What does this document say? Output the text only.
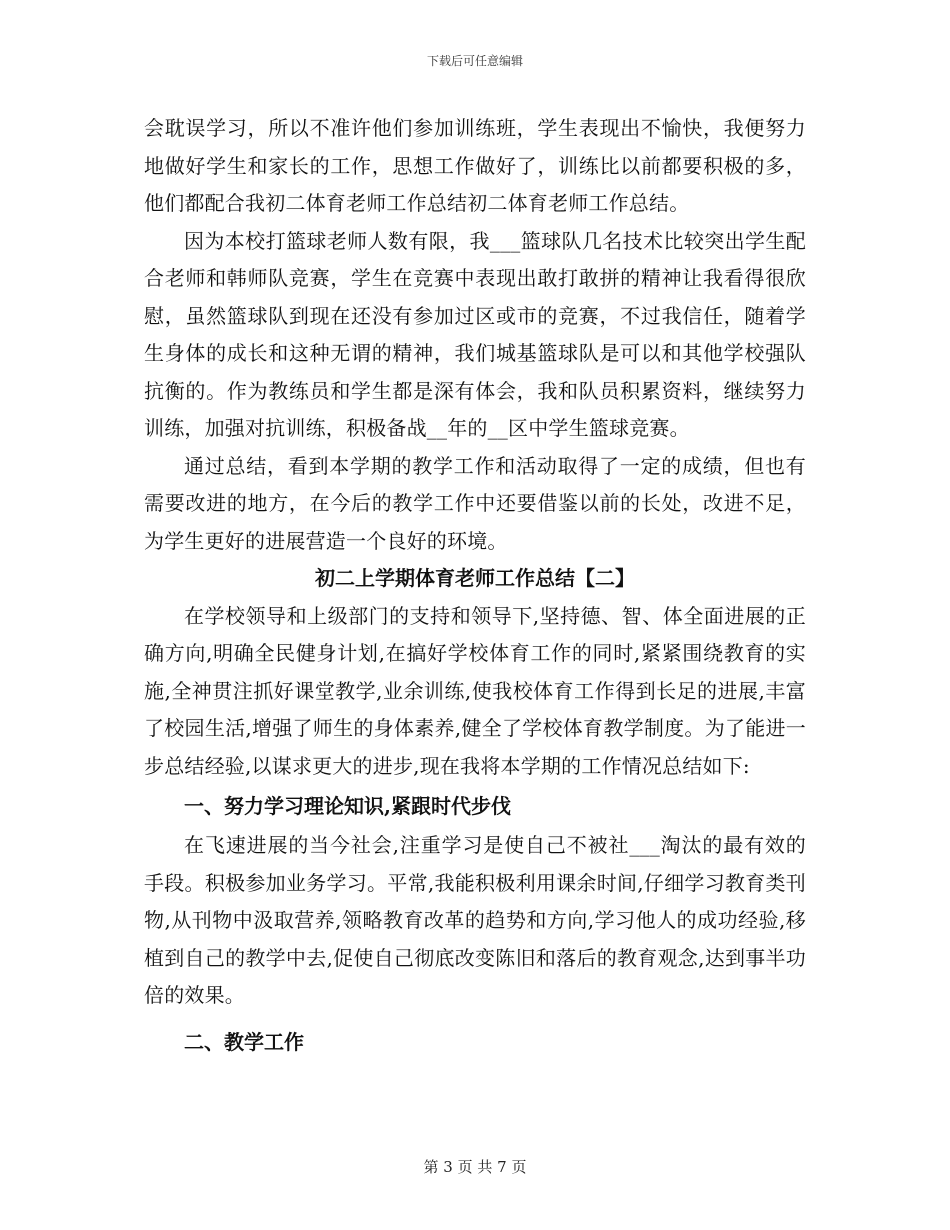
下载后可任意编辑

会耽误学习，所以不准许他们参加训练班，学生表现出不愉快，我便努力地做好学生和家长的工作，思想工作做好了，训练比以前都要积极的多，他们都配合我初二体育老师工作总结初二体育老师工作总结。

因为本校打篮球老师人数有限，我___篮球队几名技术比较突出学生配合老师和韩师队竞赛，学生在竞赛中表现出敢打敢拼的精神让我看得很欣慰，虽然篮球队到现在还没有参加过区或市的竞赛，不过我信任，随着学生身体的成长和这种无谓的精神，我们城基篮球队是可以和其他学校强队抗衡的。作为教练员和学生都是深有体会，我和队员积累资料，继续努力训练，加强对抗训练，积极备战__年的__区中学生篮球竞赛。

通过总结，看到本学期的教学工作和活动取得了一定的成绩，但也有需要改进的地方，在今后的教学工作中还要借鉴以前的长处，改进不足，为学生更好的进展营造一个良好的环境。

初二上学期体育老师工作总结【二】

在学校领导和上级部门的支持和领导下,坚持德、智、体全面进展的正确方向,明确全民健身计划,在搞好学校体育工作的同时,紧紧围绕教育的实施,全神贯注抓好课堂教学,业余训练,使我校体育工作得到长足的进展,丰富了校园生活,增强了师生的身体素养,健全了学校体育教学制度。为了能进一步总结经验,以谋求更大的进步,现在我将本学期的工作情况总结如下:

一、努力学习理论知识,紧跟时代步伐

在飞速进展的当今社会,注重学习是使自己不被社___淘汰的最有效的手段。积极参加业务学习。平常,我能积极利用课余时间,仔细学习教育类刊物,从刊物中汲取营养,领略教育改革的趋势和方向,学习他人的成功经验,移植到自己的教学中去,促使自己彻底改变陈旧和落后的教育观念,达到事半功倍的效果。

二、教学工作

第 3 页 共 7 页
